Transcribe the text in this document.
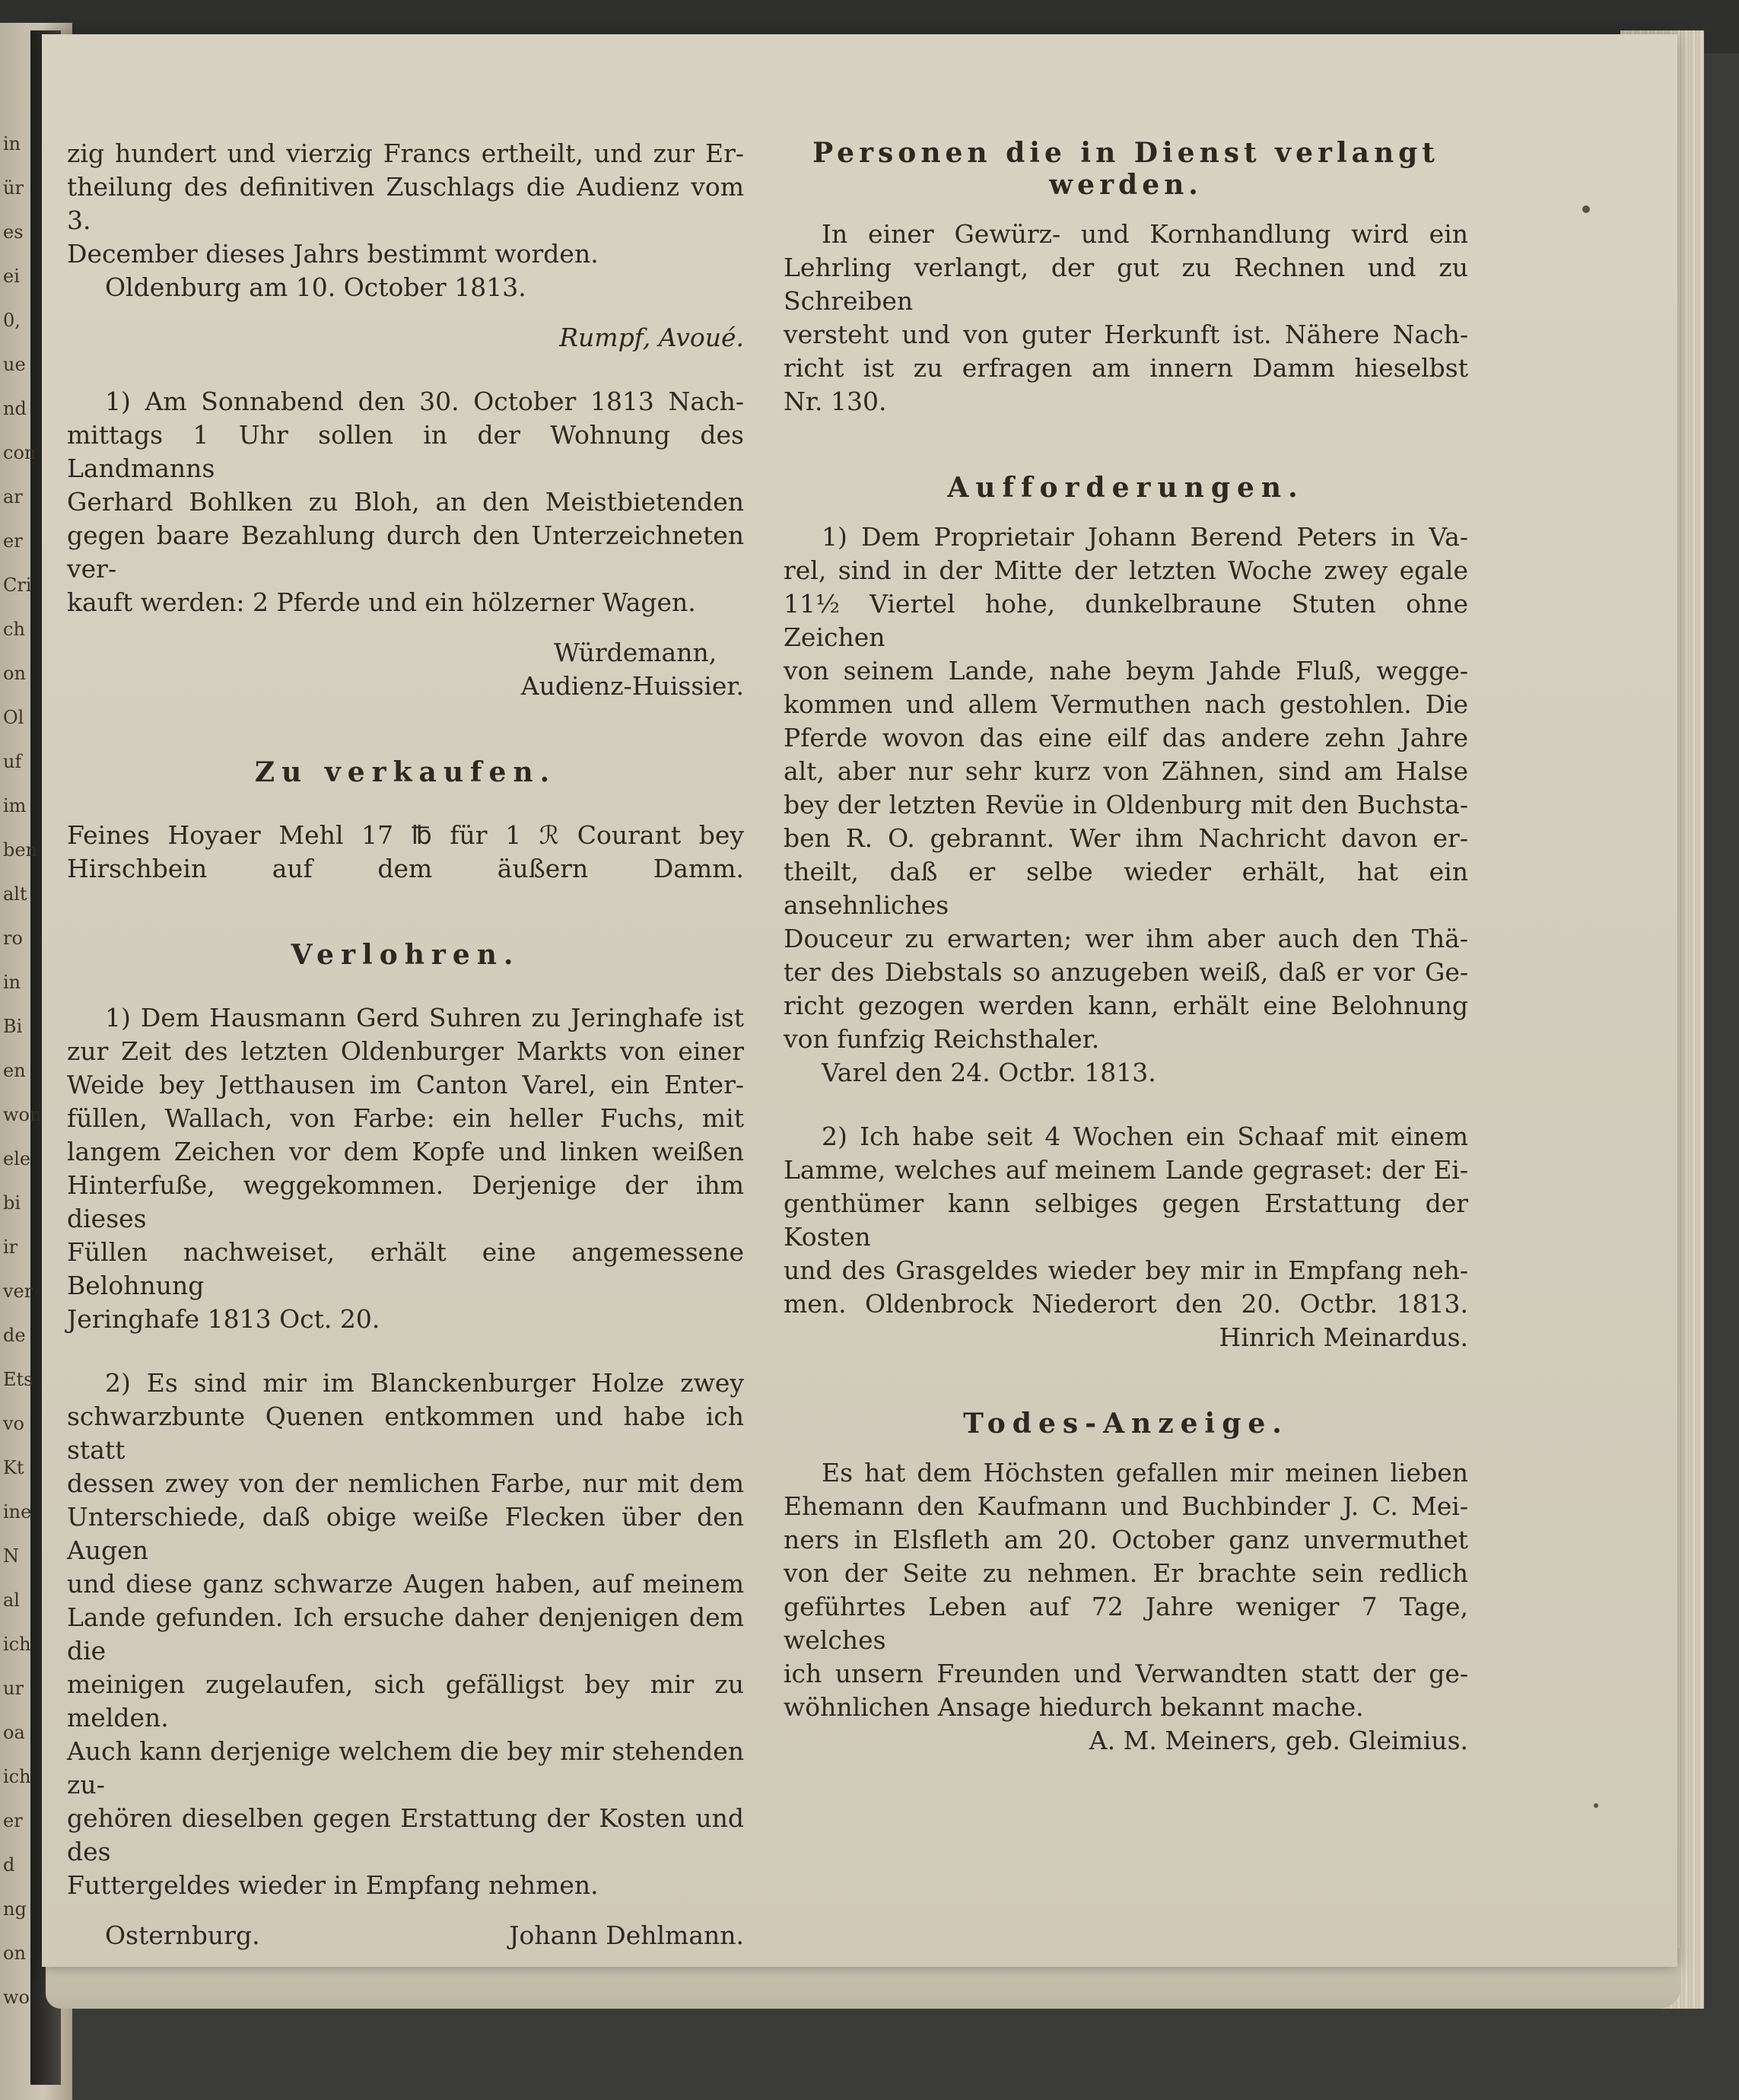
in
ür
es
ei
0,
ue
nd
con
ar
er
Cri
ch
on
Ol
uf
im
ben
alt
ro
in
Bi
en
won
ele
bi
ir
ver
de
Ets
vo
Kt
ine
N
al
ich
ur
oa
ich
er
d
ng
on
wo

zig hundert und vierzig Francs ertheilt, und zur Er-

theilung des definitiven Zuschlags die Audienz vom 3.

December dieses Jahrs bestimmt worden.

Oldenburg am 10. October 1813.

Rumpf, Avoué.

1) Am Sonnabend den 30. October 1813 Nach-

mittags 1 Uhr sollen in der Wohnung des Landmanns

Gerhard Bohlken zu Bloh, an den Meistbietenden

gegen baare Bezahlung durch den Unterzeichneten ver-

kauft werden: 2 Pferde und ein hölzerner Wagen.

Würdemann,

Audienz-Huissier.

Zu verkaufen.

Feines Hoyaer Mehl 17 ℔ für 1 ℛ Courant bey

Hirschbein auf dem äußern Damm.

Verlohren.

1) Dem Hausmann Gerd Suhren zu Jeringhafe ist

zur Zeit des letzten Oldenburger Markts von einer

Weide bey Jetthausen im Canton Varel, ein Enter-

füllen, Wallach, von Farbe: ein heller Fuchs, mit

langem Zeichen vor dem Kopfe und linken weißen

Hinterfuße, weggekommen. Derjenige der ihm dieses

Füllen nachweiset, erhält eine angemessene Belohnung

Jeringhafe 1813 Oct. 20.

2) Es sind mir im Blanckenburger Holze zwey

schwarzbunte Quenen entkommen und habe ich statt

dessen zwey von der nemlichen Farbe, nur mit dem

Unterschiede, daß obige weiße Flecken über den Augen

und diese ganz schwarze Augen haben, auf meinem

Lande gefunden. Ich ersuche daher denjenigen dem die

meinigen zugelaufen, sich gefälligst bey mir zu melden.

Auch kann derjenige welchem die bey mir stehenden zu-

gehören dieselben gegen Erstattung der Kosten und des

Futtergeldes wieder in Empfang nehmen.

Osternburg.	Johann Dehlmann.

Personen die in Dienst verlangt werden.

In einer Gewürz- und Kornhandlung wird ein

Lehrling verlangt, der gut zu Rechnen und zu Schreiben

versteht und von guter Herkunft ist. Nähere Nach-

richt ist zu erfragen am innern Damm hieselbst

Nr. 130.

Aufforderungen.

1) Dem Proprietair Johann Berend Peters in Va-

rel, sind in der Mitte der letzten Woche zwey egale

11½ Viertel hohe, dunkelbraune Stuten ohne Zeichen

von seinem Lande, nahe beym Jahde Fluß, wegge-

kommen und allem Vermuthen nach gestohlen. Die

Pferde wovon das eine eilf das andere zehn Jahre

alt, aber nur sehr kurz von Zähnen, sind am Halse

bey der letzten Revüe in Oldenburg mit den Buchsta-

ben R. O. gebrannt. Wer ihm Nachricht davon er-

theilt, daß er selbe wieder erhält, hat ein ansehnliches

Douceur zu erwarten; wer ihm aber auch den Thä-

ter des Diebstals so anzugeben weiß, daß er vor Ge-

richt gezogen werden kann, erhält eine Belohnung

von funfzig Reichsthaler.

Varel den 24. Octbr. 1813.

2) Ich habe seit 4 Wochen ein Schaaf mit einem

Lamme, welches auf meinem Lande gegraset: der Ei-

genthümer kann selbiges gegen Erstattung der Kosten

und des Grasgeldes wieder bey mir in Empfang neh-

men. Oldenbrock Niederort den 20. Octbr. 1813.

Hinrich Meinardus.

Todes-Anzeige.

Es hat dem Höchsten gefallen mir meinen lieben

Ehemann den Kaufmann und Buchbinder J. C. Mei-

ners in Elsfleth am 20. October ganz unvermuthet

von der Seite zu nehmen. Er brachte sein redlich

geführtes Leben auf 72 Jahre weniger 7 Tage, welches

ich unsern Freunden und Verwandten statt der ge-

wöhnlichen Ansage hiedurch bekannt mache.

A. M. Meiners, geb. Gleimius.
